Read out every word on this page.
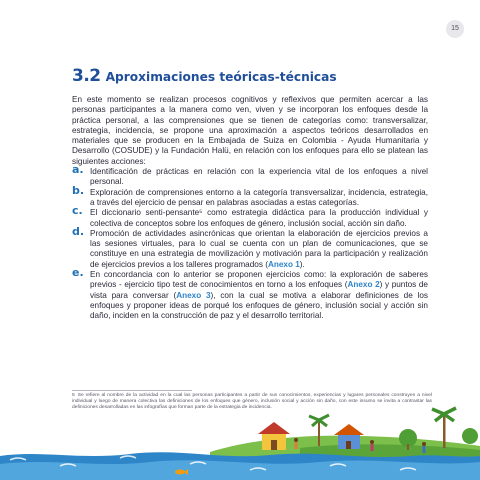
15
3.2 Aproximaciones teóricas-técnicas

En este momento se realizan procesos cognitivos y reflexivos que permiten acercar a las personas participantes a la manera como ven, viven y se incorporan los enfoques desde la práctica personal, a las comprensiones que se tienen de categorías como: transversalizar, estrategia, incidencia, se propone una aproximación a aspectos teóricos desarrollados en materiales que se producen en la Embajada de Suiza en Colombia - Ayuda Humanitaria y Desarrollo (COSUDE) y la Fundación Halü, en relación con los enfoques para ello se platean las siguientes acciones:

a. Identificación de prácticas en relación con la experiencia vital de los enfoques a nivel personal.
b. Exploración de comprensiones entorno a la categoría transversalizar, incidencia, estrategia, a través del ejercicio de pensar en palabras asociadas a estas categorías.
c. El diccionario senti-pensante⁵ como estrategia didáctica para la producción individual y colectiva de conceptos sobre los enfoques de género, inclusión social, acción sin daño.
d. Promoción de actividades asincrónicas que orientan la elaboración de ejercicios previos a las sesiones virtuales, para lo cual se cuenta con un plan de comunicaciones, que se constituye en una estrategia de movilización y motivación para la participación y realización de ejercicios previos a los talleres programados (Anexo 1).
e. En concordancia con lo anterior se proponen ejercicios como: la exploración de saberes previos - ejercicio tipo test de conocimientos en torno a los enfoques (Anexo 2) y puntos de vista para conversar (Anexo 3), con la cual se motiva a elaborar definiciones de los enfoques y proponer ideas de porqué los enfoques de género, inclusión social y acción sin daño, inciden en la construcción de paz y el desarrollo territorial.
5 Se refiere al nombre de la actividad en la cual las personas participantes a partir de sus conocimientos, experiencias y lugares personales construyen a nivel individual y luego de manera colectiva las definiciones de los enfoques que género, inclusión social y acción sin daño, con este insumo se invita a contrastar las definiciones desarrolladas en las infografías que forman parte de la estrategia de incidencia.
